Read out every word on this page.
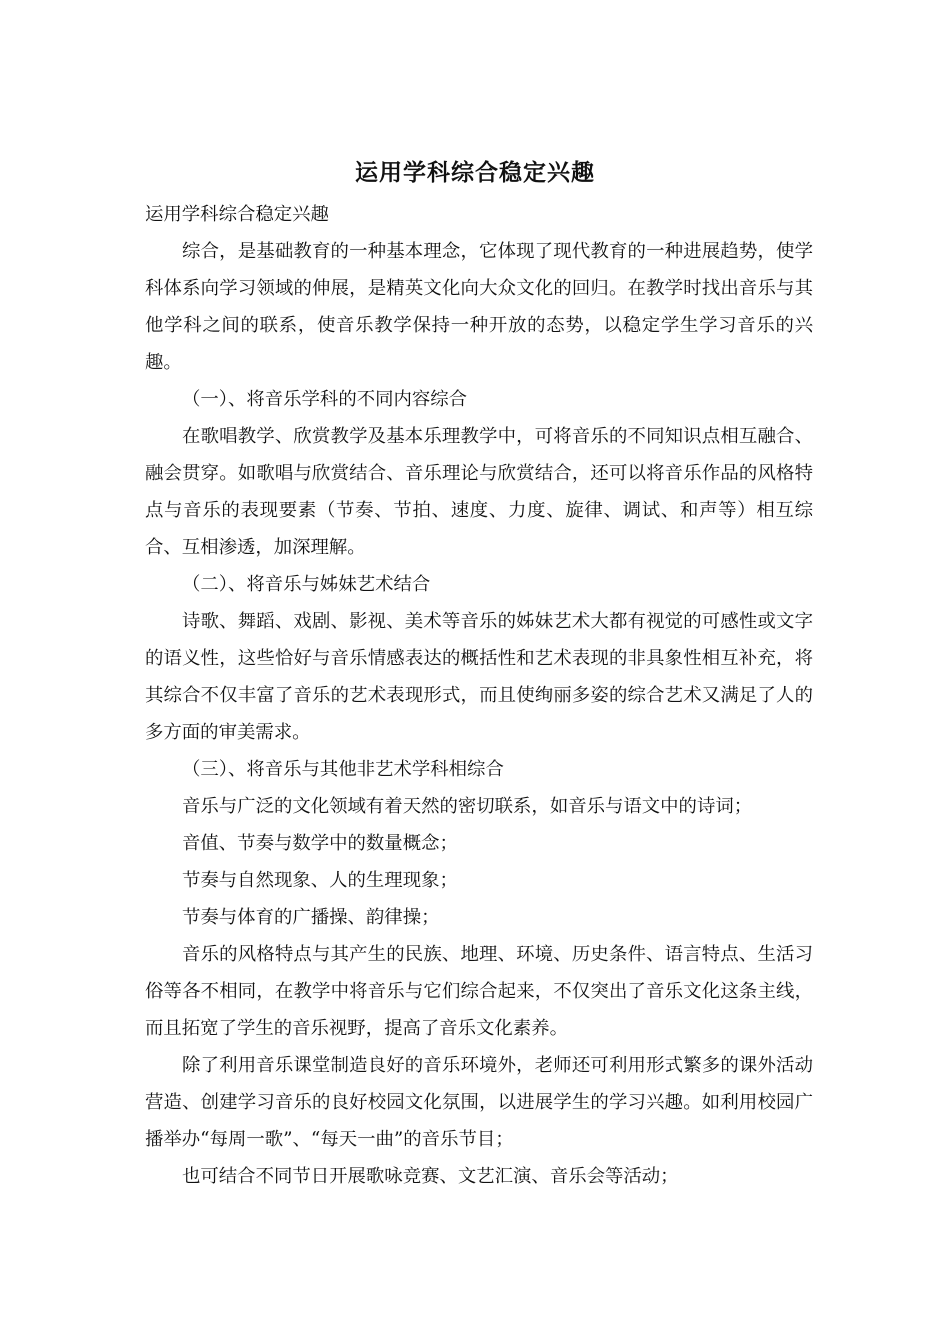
运用学科综合稳定兴趣

运用学科综合稳定兴趣

综合，是基础教育的一种基本理念，它体现了现代教育的一种进展趋势，使学科体系向学习领域的伸展，是精英文化向大众文化的回归。在教学时找出音乐与其他学科之间的联系，使音乐教学保持一种开放的态势，以稳定学生学习音乐的兴趣。

（一）、将音乐学科的不同内容综合

在歌唱教学、欣赏教学及基本乐理教学中，可将音乐的不同知识点相互融合、融会贯穿。如歌唱与欣赏结合、音乐理论与欣赏结合，还可以将音乐作品的风格特点与音乐的表现要素（节奏、节拍、速度、力度、旋律、调试、和声等）相互综合、互相渗透，加深理解。

（二）、将音乐与姊妹艺术结合

诗歌、舞蹈、戏剧、影视、美术等音乐的姊妹艺术大都有视觉的可感性或文字的语义性，这些恰好与音乐情感表达的概括性和艺术表现的非具象性相互补充，将其综合不仅丰富了音乐的艺术表现形式，而且使绚丽多姿的综合艺术又满足了人的多方面的审美需求。

（三）、将音乐与其他非艺术学科相综合

音乐与广泛的文化领域有着天然的密切联系，如音乐与语文中的诗词；

音值、节奏与数学中的数量概念；

节奏与自然现象、人的生理现象；

节奏与体育的广播操、韵律操；

音乐的风格特点与其产生的民族、地理、环境、历史条件、语言特点、生活习俗等各不相同，在教学中将音乐与它们综合起来，不仅突出了音乐文化这条主线，而且拓宽了学生的音乐视野，提高了音乐文化素养。

除了利用音乐课堂制造良好的音乐环境外，老师还可利用形式繁多的课外活动营造、创建学习音乐的良好校园文化氛围，以进展学生的学习兴趣。如利用校园广播举办“每周一歌”、“每天一曲”的音乐节目；

也可结合不同节日开展歌咏竞赛、文艺汇演、音乐会等活动；
